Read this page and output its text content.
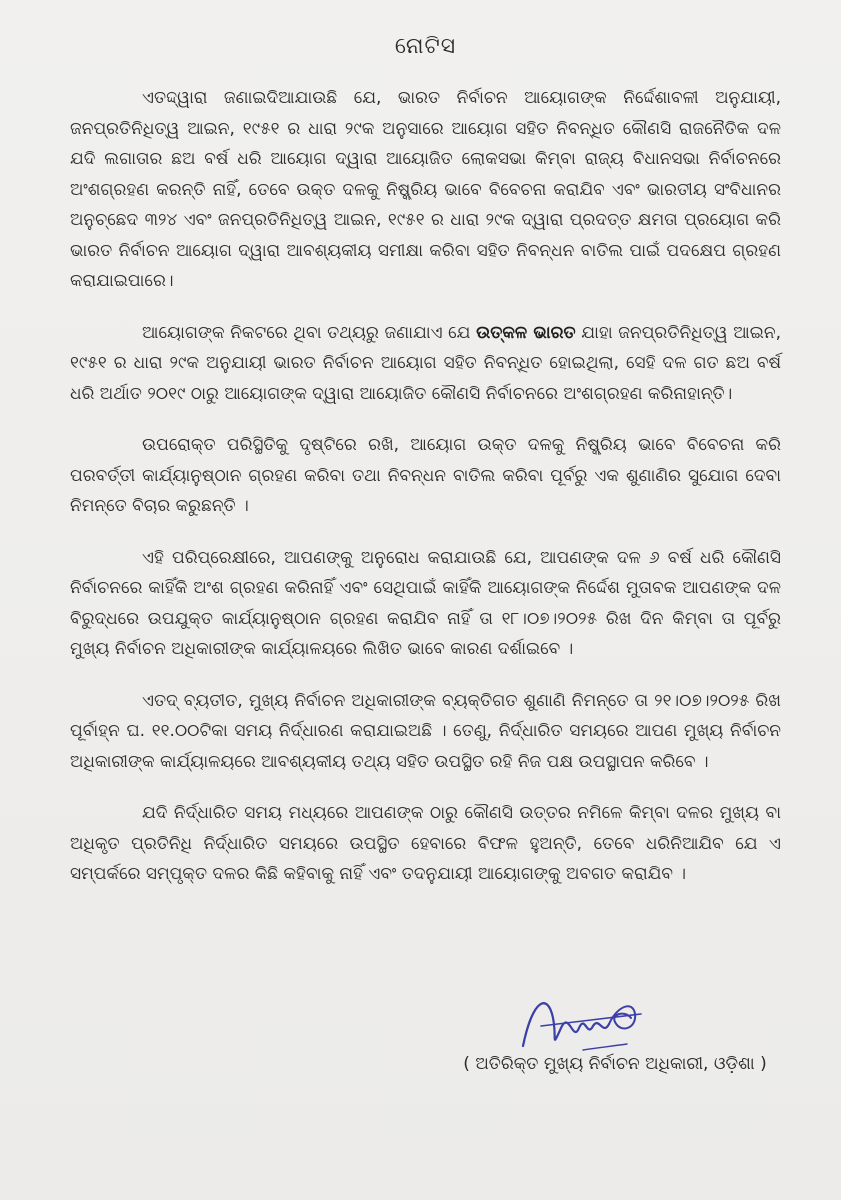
ନୋଟିସ

ଏତଦ୍ଦ୍ୱାରା ଜଣାଇଦିଆଯାଉଛି ଯେ, ଭାରତ ନିର୍ବାଚନ ଆୟୋଗଙ୍କ ନିର୍ଦ୍ଦେଶାବଳୀ ଅନୁଯାୟୀ, ଜନପ୍ରତିନିଧିତ୍ୱ ଆଇନ, ୧୯୫୧ ର ଧାରା ୨୯କ ଅନୁସାରେ ଆୟୋଗ ସହିତ ନିବନ୍ଧିତ କୌଣସି ରାଜନୈତିକ ଦଳ ଯଦି ଲଗାତାର ଛଅ ବର୍ଷ ଧରି ଆୟୋଗ ଦ୍ୱାରା ଆୟୋଜିତ ଲୋକସଭା କିମ୍ବା ରାଜ୍ୟ ବିଧାନସଭା ନିର୍ବାଚନରେ ଅଂଶଗ୍ରହଣ କରନ୍ତି ନାହିଁ, ତେବେ ଉକ୍ତ ଦଳକୁ ନିଷ୍କ୍ରିୟ ଭାବେ ବିବେଚନା କରାଯିବ ଏବଂ ଭାରତୀୟ ସଂବିଧାନର ଅନୁଚ୍ଛେଦ ୩୨୪ ଏବଂ ଜନପ୍ରତିନିଧିତ୍ୱ ଆଇନ, ୧୯୫୧ ର ଧାରା ୨୯କ ଦ୍ୱାରା ପ୍ରଦତ୍ତ କ୍ଷମତା ପ୍ରୟୋଗ କରି ଭାରତ ନିର୍ବାଚନ ଆୟୋଗ ଦ୍ୱାରା ଆବଶ୍ୟକୀୟ ସମୀକ୍ଷା କରିବା ସହିତ ନିବନ୍ଧନ ବାତିଲ ପାଇଁ ପଦକ୍ଷେପ ଗ୍ରହଣ କରାଯାଇପାରେ।

ଆୟୋଗଙ୍କ ନିକଟରେ ଥିବା ତଥ୍ୟରୁ ଜଣାଯାଏ ଯେ ଉତ୍କଳ ଭାରତ ଯାହା ଜନପ୍ରତିନିଧିତ୍ୱ ଆଇନ, ୧୯୫୧ ର ଧାରା ୨୯କ ଅନୁଯାୟୀ ଭାରତ ନିର୍ବାଚନ ଆୟୋଗ ସହିତ ନିବନ୍ଧିତ ହୋଇଥିଲା, ସେହି ଦଳ ଗତ ଛଅ ବର୍ଷ ଧରି ଅର୍ଥାତ ୨୦୧୯ ଠାରୁ ଆୟୋଗଙ୍କ ଦ୍ୱାରା ଆୟୋଜିତ କୌଣସି ନିର୍ବାଚନରେ ଅଂଶଗ୍ରହଣ କରିନାହାନ୍ତି।

ଉପରୋକ୍ତ ପରିସ୍ଥିତିକୁ ଦୃଷ୍ଟିରେ ରଖି, ଆୟୋଗ ଉକ୍ତ ଦଳକୁ ନିଷ୍କ୍ରିୟ ଭାବେ ବିବେଚନା କରି ପରବର୍ତ୍ତୀ କାର୍ଯ୍ୟାନୁଷ୍ଠାନ ଗ୍ରହଣ କରିବା ତଥା ନିବନ୍ଧନ ବାତିଲ କରିବା ପୂର୍ବରୁ ଏକ ଶୁଣାଣିର ସୁଯୋଗ ଦେବା ନିମନ୍ତେ ବିଚାର କରୁଛନ୍ତି ।

ଏହି ପରିପ୍ରେକ୍ଷୀରେ, ଆପଣଙ୍କୁ ଅନୁରୋଧ କରାଯାଉଛି ଯେ, ଆପଣଙ୍କ ଦଳ ୬ ବର୍ଷ ଧରି କୌଣସି ନିର୍ବାଚନରେ କାହିଁକି ଅଂଶ ଗ୍ରହଣ କରିନାହିଁ ଏବଂ ସେଥିପାଇଁ କାହିଁକି ଆୟୋଗଙ୍କ ନିର୍ଦ୍ଦେଶ ମୁତାବକ ଆପଣଙ୍କ ଦଳ ବିରୁଦ୍ଧରେ ଉପଯୁକ୍ତ କାର୍ଯ୍ୟାନୁଷ୍ଠାନ ଗ୍ରହଣ କରାଯିବ ନାହିଁ ତା ୧୮।୦୭।୨୦୨୫ ରିଖ ଦିନ କିମ୍ବା ତା ପୂର୍ବରୁ ମୁଖ୍ୟ ନିର୍ବାଚନ ଅଧିକାରୀଙ୍କ କାର୍ଯ୍ୟାଳୟରେ ଲିଖିତ ଭାବେ କାରଣ ଦର୍ଶାଇବେ ।

ଏତଦ୍ ବ୍ୟତୀତ, ମୁଖ୍ୟ ନିର୍ବାଚନ ଅଧିକାରୀଙ୍କ ବ୍ୟକ୍ତିଗତ ଶୁଣାଣି ନିମନ୍ତେ ତା ୨୧।୦୭।୨୦୨୫ ରିଖ ପୂର୍ବାହ୍ନ ଘ. ୧୧.୦୦ଟିକା ସମୟ ନିର୍ଦ୍ଧାରଣ କରାଯାଇଅଛି । ତେଣୁ, ନିର୍ଦ୍ଧାରିତ ସମୟରେ ଆପଣ ମୁଖ୍ୟ ନିର୍ବାଚନ ଅଧିକାରୀଙ୍କ କାର୍ଯ୍ୟାଳୟରେ ଆବଶ୍ୟକୀୟ ତଥ୍ୟ ସହିତ ଉପସ୍ଥିତ ରହି ନିଜ ପକ୍ଷ ଉପସ୍ଥାପନ କରିବେ ।

ଯଦି ନିର୍ଦ୍ଧାରିତ ସମୟ ମଧ୍ୟରେ ଆପଣଙ୍କ ଠାରୁ କୌଣସି ଉତ୍ତର ନମିଳେ କିମ୍ବା ଦଳର ମୁଖ୍ୟ ବା ଅଧିକୃତ ପ୍ରତିନିଧି ନିର୍ଦ୍ଧାରିତ ସମୟରେ ଉପସ୍ଥିତ ହେବାରେ ବିଫଳ ହୁଅନ୍ତି, ତେବେ ଧରିନିଆଯିବ ଯେ ଏ ସମ୍ପର୍କରେ ସମ୍ପୃକ୍ତ ଦଳର କିଛି କହିବାକୁ ନାହିଁ ଏବଂ ତଦନୁଯାୟୀ ଆୟୋଗଙ୍କୁ ଅବଗତ କରାଯିବ ।

( ଅତିରିକ୍ତ ମୁଖ୍ୟ ନିର୍ବାଚନ ଅଧିକାରୀ, ଓଡ଼ିଶା )
